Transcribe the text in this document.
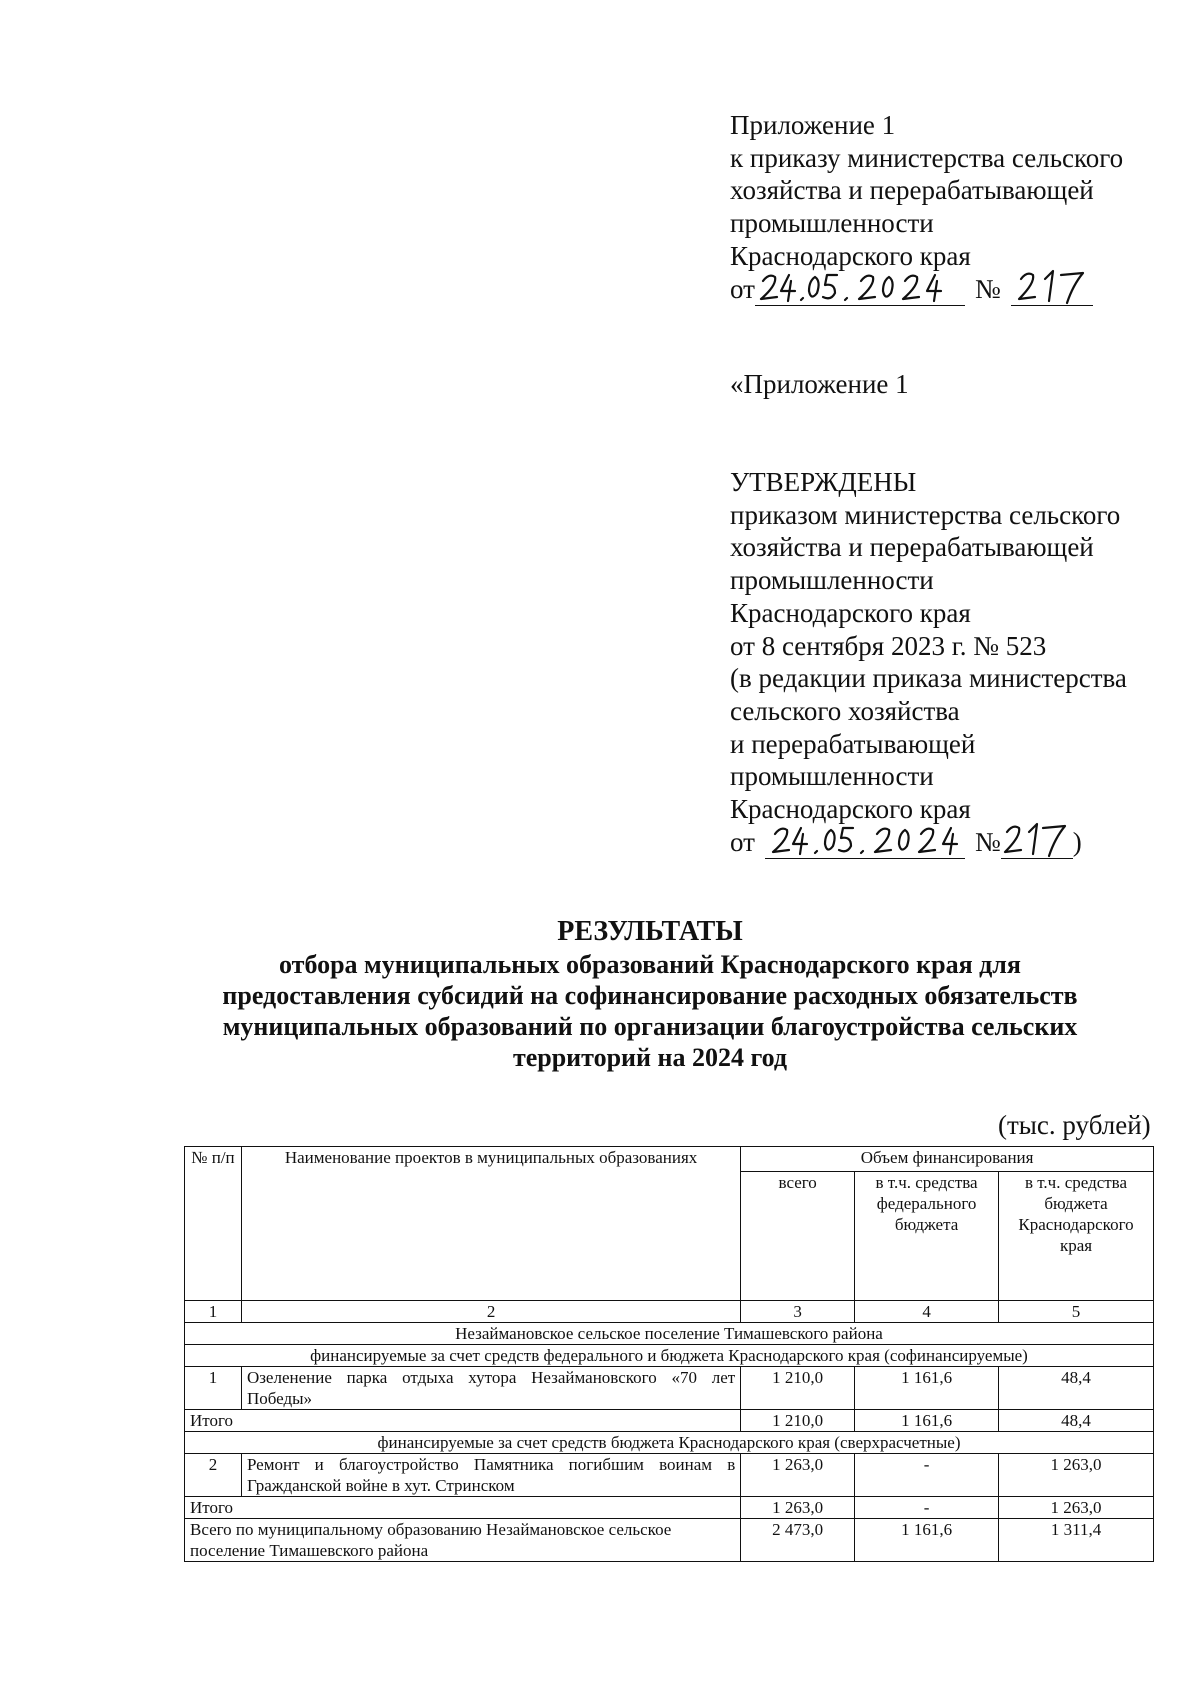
Приложение 1
к приказу министерства сельского
хозяйства и перерабатывающей
промышленности
Краснодарского края
от	№
«Приложение 1
УТВЕРЖДЕНЫ
приказом министерства сельского
хозяйства и перерабатывающей
промышленности
Краснодарского края
от 8 сентября 2023 г. № 523
(в редакции приказа министерства
сельского хозяйства
и перерабатывающей
промышленности
Краснодарского края
от	№	)
РЕЗУЛЬТАТЫ
отбора муниципальных образований Краснодарского края для
предоставления субсидий на софинансирование расходных обязательств
муниципальных образований по организации благоустройства сельских
территорий на 2024 год
(тыс. рублей)
№ п/п	Наименование проектов в муниципальных образованиях	Объем финансирования		
		всего	в т.ч. средства федерального бюджета	в т.ч. средства бюджета Краснодарского края
1	2	3	4	5
Незаймановское сельское поселение Тимашевского района				
финансируемые за счет средств федерального и бюджета Краснодарского края (софинансируемые)				
1	Озеленение парка отдыха хутора Незаймановского «70 лет Победы»	1 210,0	1 161,6	48,4
Итого		1 210,0	1 161,6	48,4
финансируемые за счет средств бюджета Краснодарского края (сверхрасчетные)				
2	Ремонт и благоустройство Памятника погибшим воинам в Гражданской войне в хут. Стринском	1 263,0	-	1 263,0
Итого		1 263,0	-	1 263,0
Всего по муниципальному образованию Незаймановское сельское поселение Тимашевского района		2 473,0	1 161,6	1 311,4
